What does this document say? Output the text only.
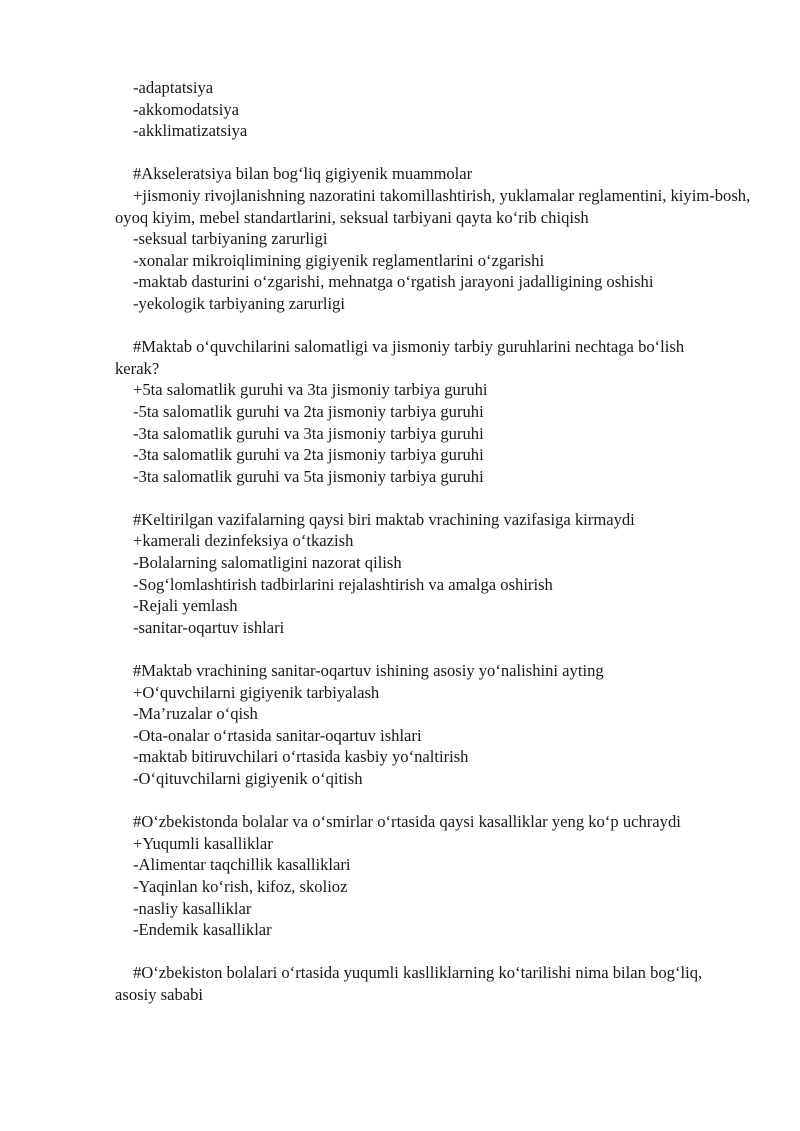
-adaptatsiya
-akkomodatsiya
-akklimatizatsiya
#Akseleratsiya bilan bog‘liq gigiyenik muammolar
+jismoniy rivojlanishning nazoratini takomillashtirish, yuklamalar reglamentini, kiyim-bosh, oyoq kiyim, mebel standartlarini, seksual tarbiyani qayta ko‘rib chiqish
-seksual tarbiyaning zarurligi
-xonalar mikroiqlimining gigiyenik reglamentlarini o‘zgarishi
-maktab dasturini o‘zgarishi, mehnatga o‘rgatish jarayoni jadalligining oshishi
-yekologik tarbiyaning zarurligi
#Maktab o‘quvchilarini salomatligi va jismoniy tarbiy guruhlarini nechtaga bo‘lish kerak?
+5ta salomatlik guruhi va 3ta jismoniy tarbiya guruhi
-5ta salomatlik guruhi va 2ta jismoniy tarbiya guruhi
-3ta salomatlik guruhi va 3ta jismoniy tarbiya guruhi
-3ta salomatlik guruhi va 2ta jismoniy tarbiya guruhi
-3ta salomatlik guruhi va 5ta jismoniy tarbiya guruhi
#Keltirilgan vazifalarning qaysi biri maktab vrachining vazifasiga kirmaydi
+kamerali dezinfeksiya o‘tkazish
-Bolalarning salomatligini nazorat qilish
-Sog‘lomlashtirish tadbirlarini rejalashtirish va amalga oshirish
-Rejali yemlash
-sanitar-oqartuv ishlari
#Maktab vrachining sanitar-oqartuv ishining asosiy yo‘nalishini ayting
+O‘quvchilarni gigiyenik tarbiyalash
-Ma’ruzalar o‘qish
-Ota-onalar o‘rtasida sanitar-oqartuv ishlari
-maktab bitiruvchilari o‘rtasida kasbiy yo‘naltirish
-O‘qituvchilarni gigiyenik o‘qitish
#O‘zbekistonda bolalar va o‘smirlar o‘rtasida qaysi kasalliklar yeng ko‘p uchraydi
+Yuqumli kasalliklar
-Alimentar taqchillik kasalliklari
-Yaqinlan ko‘rish, kifoz, skolioz
-nasliy kasalliklar
-Endemik kasalliklar
#O‘zbekiston bolalari o‘rtasida yuqumli kaslliklarning ko‘tarilishi nima bilan bog‘liq, asosiy sababi
